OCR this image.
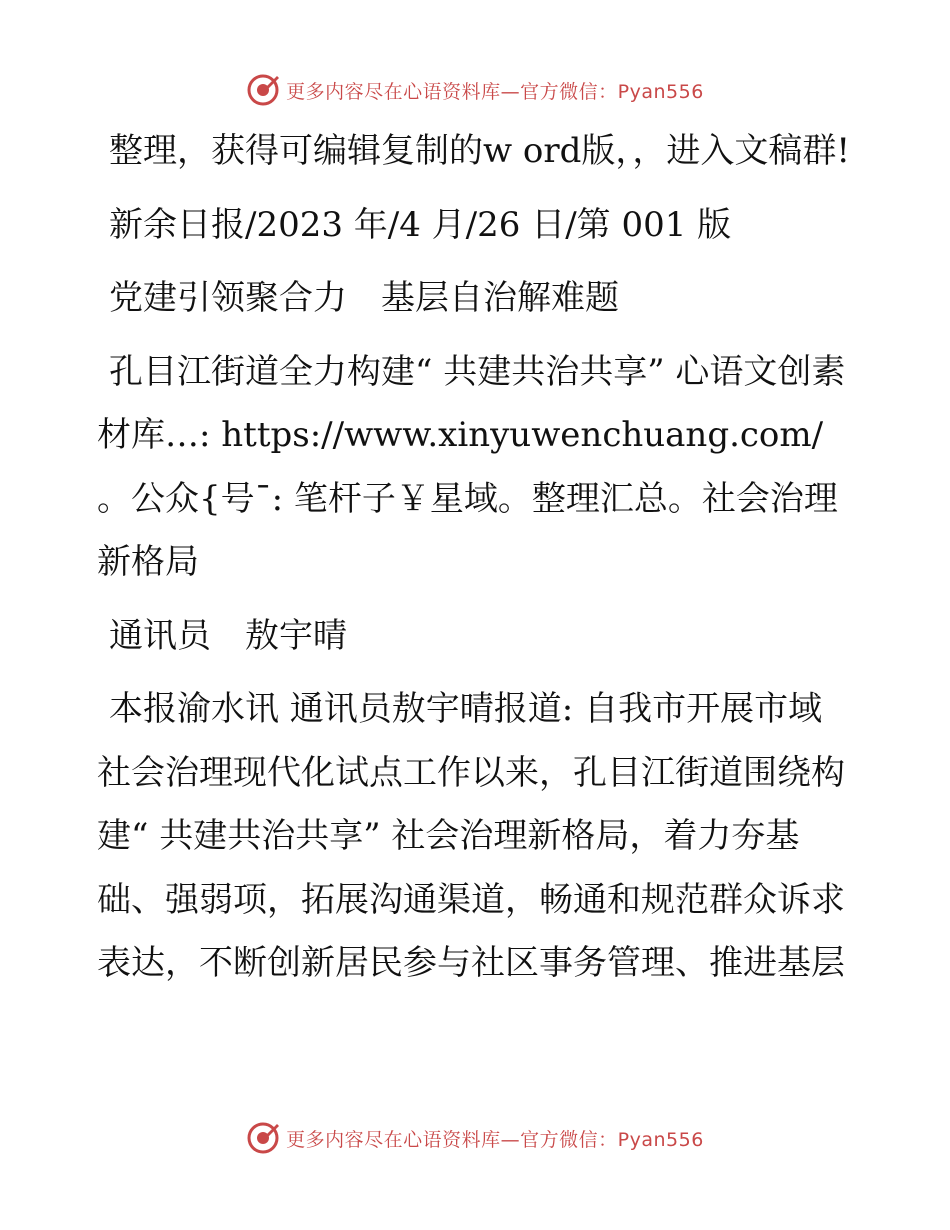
更多内容尽在心语资料库—官方微信：Pyan556

整理，获得可编辑复制的w ord版，，进入文稿群!

新余日报/2023 年/4 月/26 日/第 001 版

党建引领聚合力　基层自治解难题

孔目江街道全力构建“ 共建共治共享” 心语文创素材库…: https://www.xinyuwenchuang.com/ 。公众{号¯: 笔杆子￥星域。整理汇总。社会治理新格局

通讯员　敖宇晴

本报渝水讯 通讯员敖宇晴报道: 自我市开展市域社会治理现代化试点工作以来，孔目江街道围绕构建“ 共建共治共享” 社会治理新格局，着力夯基础、强弱项，拓展沟通渠道，畅通和规范群众诉求表达，不断创新居民参与社区事务管理、推进基层

更多内容尽在心语资料库—官方微信：Pyan556
